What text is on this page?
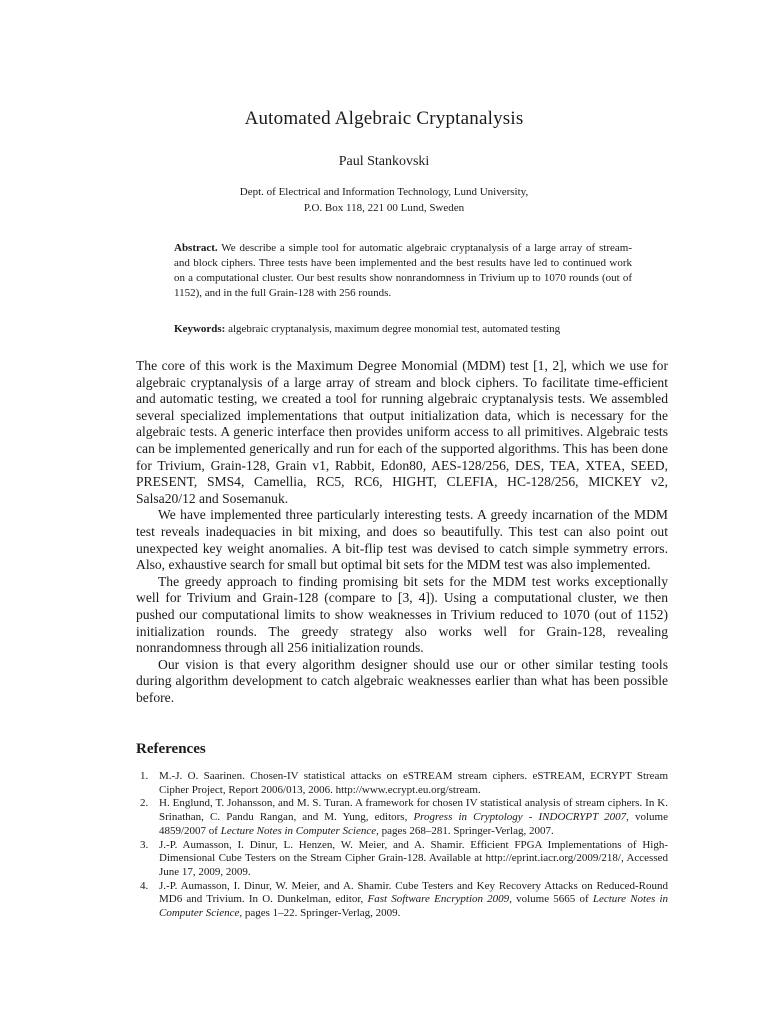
Automated Algebraic Cryptanalysis
Paul Stankovski
Dept. of Electrical and Information Technology, Lund University,
P.O. Box 118, 221 00 Lund, Sweden
Abstract. We describe a simple tool for automatic algebraic cryptanalysis of a large array of stream- and block ciphers. Three tests have been implemented and the best results have led to continued work on a computational cluster. Our best results show nonrandomness in Trivium up to 1070 rounds (out of 1152), and in the full Grain-128 with 256 rounds.
Keywords: algebraic cryptanalysis, maximum degree monomial test, automated testing

The core of this work is the Maximum Degree Monomial (MDM) test [1, 2], which we use for algebraic cryptanalysis of a large array of stream and block ciphers. To facilitate time-efficient and automatic testing, we created a tool for running algebraic cryptanalysis tests. We assembled several specialized implementations that output initialization data, which is necessary for the algebraic tests. A generic interface then provides uniform access to all primitives. Algebraic tests can be implemented generically and run for each of the supported algorithms. This has been done for Trivium, Grain-128, Grain v1, Rabbit, Edon80, AES-128/256, DES, TEA, XTEA, SEED, PRESENT, SMS4, Camellia, RC5, RC6, HIGHT, CLEFIA, HC-128/256, MICKEY v2, Salsa20/12 and Sosemanuk.

We have implemented three particularly interesting tests. A greedy incarnation of the MDM test reveals inadequacies in bit mixing, and does so beautifully. This test can also point out unexpected key weight anomalies. A bit-flip test was devised to catch simple symmetry errors. Also, exhaustive search for small but optimal bit sets for the MDM test was also implemented.

The greedy approach to finding promising bit sets for the MDM test works exceptionally well for Trivium and Grain-128 (compare to [3, 4]). Using a computational cluster, we then pushed our computational limits to show weaknesses in Trivium reduced to 1070 (out of 1152) initialization rounds. The greedy strategy also works well for Grain-128, revealing nonrandomness through all 256 initialization rounds.

Our vision is that every algorithm designer should use our or other similar testing tools during algorithm development to catch algebraic weaknesses earlier than what has been possible before.

References
1. M.-J. O. Saarinen. Chosen-IV statistical attacks on eSTREAM stream ciphers. eSTREAM, ECRYPT Stream Cipher Project, Report 2006/013, 2006. http://www.ecrypt.eu.org/stream.
2. H. Englund, T. Johansson, and M. S. Turan. A framework for chosen IV statistical analysis of stream ciphers. In K. Srinathan, C. Pandu Rangan, and M. Yung, editors, Progress in Cryptology - INDOCRYPT 2007, volume 4859/2007 of Lecture Notes in Computer Science, pages 268–281. Springer-Verlag, 2007.
3. J.-P. Aumasson, I. Dinur, L. Henzen, W. Meier, and A. Shamir. Efficient FPGA Implementations of High-Dimensional Cube Testers on the Stream Cipher Grain-128. Available at http://eprint.iacr.org/2009/218/, Accessed June 17, 2009, 2009.
4. J.-P. Aumasson, I. Dinur, W. Meier, and A. Shamir. Cube Testers and Key Recovery Attacks on Reduced-Round MD6 and Trivium. In O. Dunkelman, editor, Fast Software Encryption 2009, volume 5665 of Lecture Notes in Computer Science, pages 1–22. Springer-Verlag, 2009.
